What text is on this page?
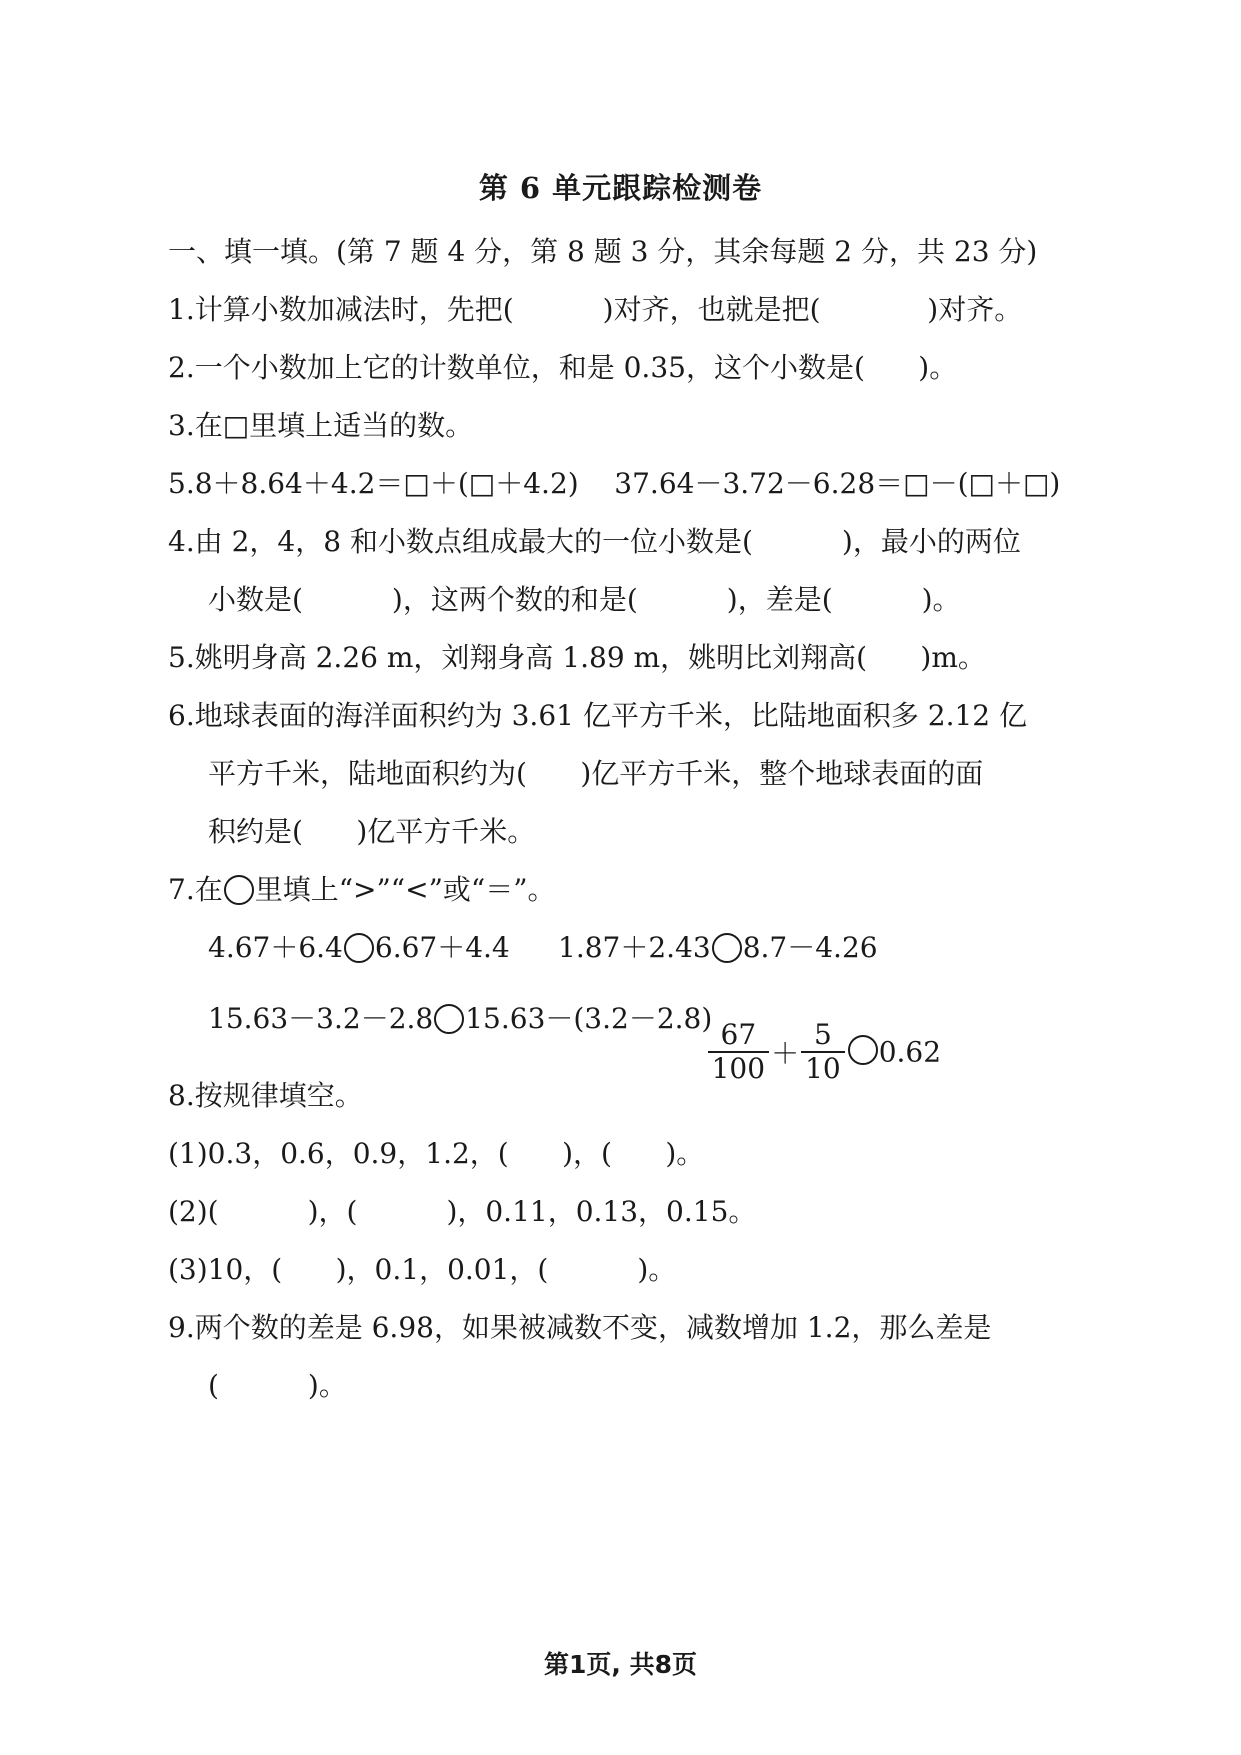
第 6 单元跟踪检测卷
一、填一填。(第 7 题 4 分，第 8 题 3 分，其余每题 2 分，共 23 分)
1.计算小数加减法时，先把(          )对齐，也就是把(            )对齐。
2.一个小数加上它的计数单位，和是 0.35，这个小数是(      )。
3.在□里填上适当的数。
5.8＋8.64＋4.2＝□＋(□＋4.2)    37.64－3.72－6.28＝□－(□＋□)
4.由 2，4，8 和小数点组成最大的一位小数是(          )，最小的两位
小数是(          )，这两个数的和是(          )，差是(          )。
5.姚明身高 2.26 m，刘翔身高 1.89 m，姚明比刘翔高(      )m。
6.地球表面的海洋面积约为 3.61 亿平方千米，比陆地面积多 2.12 亿
平方千米，陆地面积约为(      )亿平方千米，整个地球表面的面
积约是(      )亿平方千米。
7.在 里填上“>”“<”或“＝”。
4.67＋6.4 6.67＋4.4 1.87＋2.43 8.7－4.26
15.63－3.2－2.8 15.63－(3.2－2.8)

$\frac{67}{100} + \frac{5}{10} 0.62$

8.按规律填空。
(1)0.3，0.6，0.9，1.2，(      )，(      )。
(2)(          )，(          )，0.11，0.13，0.15。
(3)10，(      )，0.1，0.01，(          )。
9.两个数的差是 6.98，如果被减数不变，减数增加 1.2，那么差是
(          )。
第1页, 共8页
